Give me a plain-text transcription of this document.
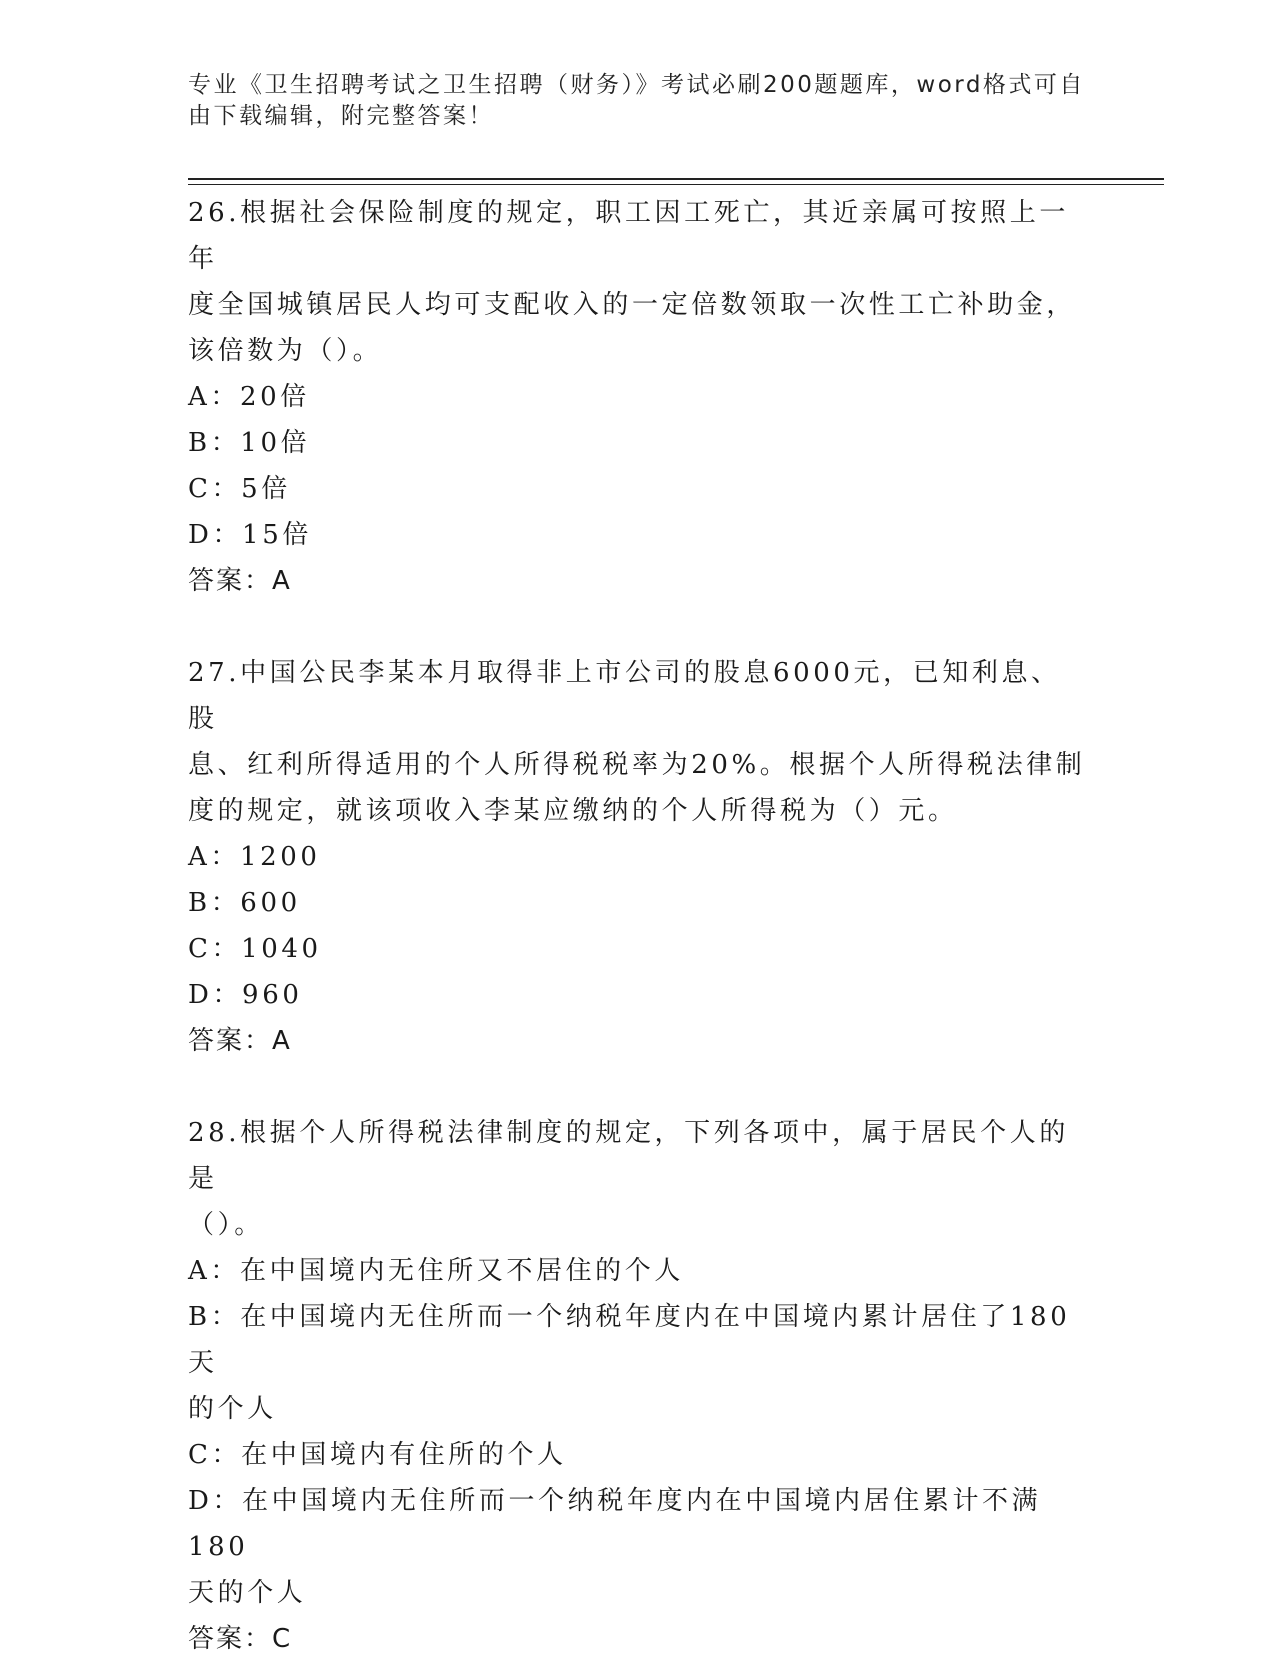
专业《卫生招聘考试之卫生招聘（财务）》考试必刷200题题库，word格式可自
由下载编辑，附完整答案！

26.根据社会保险制度的规定，职工因工死亡，其近亲属可按照上一年

度全国城镇居民人均可支配收入的一定倍数领取一次性工亡补助金，

该倍数为（）。

A：20倍

B：10倍

C：5倍

D：15倍

答案：A

27.中国公民李某本月取得非上市公司的股息6000元，已知利息、股

息、红利所得适用的个人所得税税率为20%。根据个人所得税法律制

度的规定，就该项收入李某应缴纳的个人所得税为（）元。

A：1200

B：600

C：1040

D：960

答案：A

28.根据个人所得税法律制度的规定，下列各项中，属于居民个人的是

（）。

A：在中国境内无住所又不居住的个人

B：在中国境内无住所而一个纳税年度内在中国境内累计居住了180天

的个人

C：在中国境内有住所的个人

D：在中国境内无住所而一个纳税年度内在中国境内居住累计不满180

天的个人

答案：C
